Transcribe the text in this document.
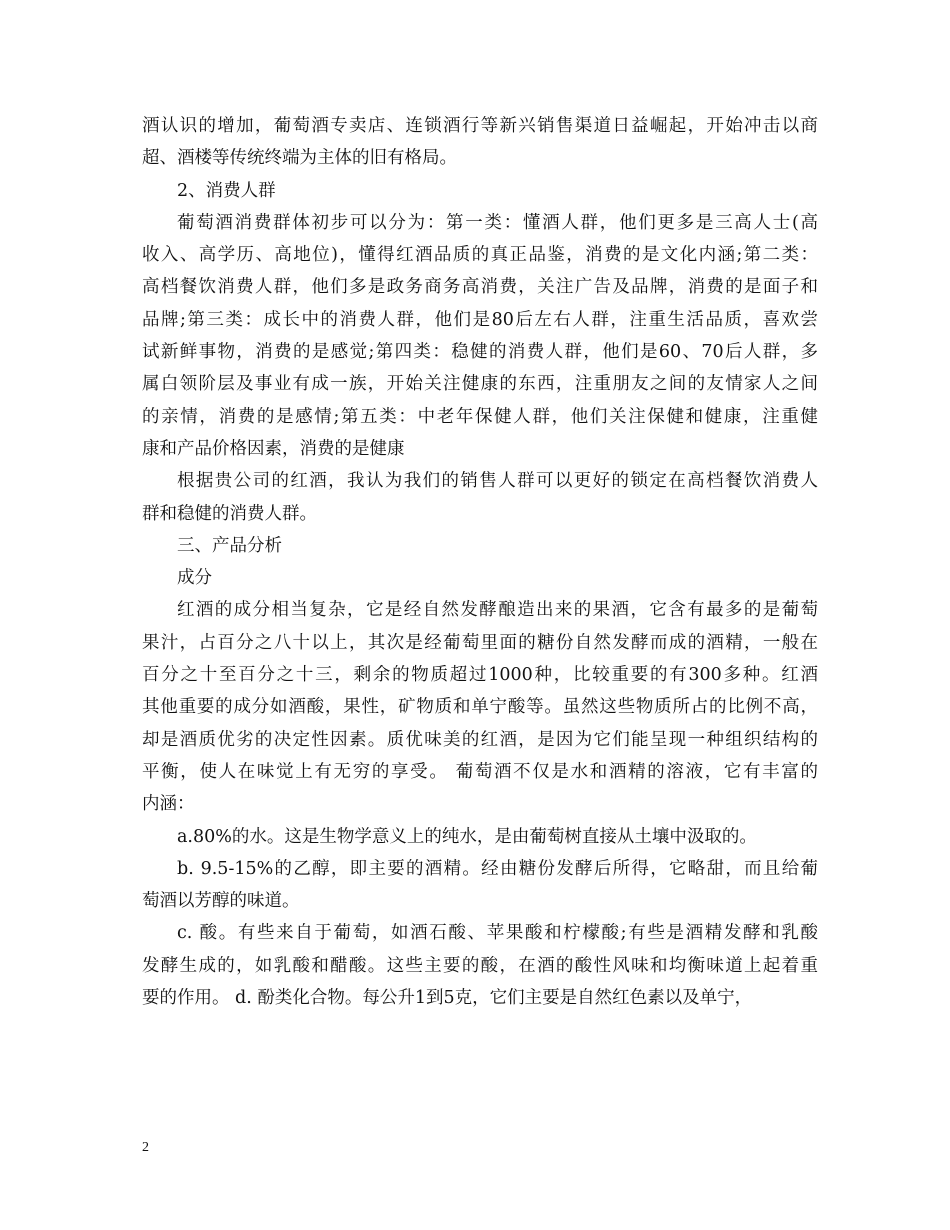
酒认识的增加，葡萄酒专卖店、连锁酒行等新兴销售渠道日益崛起，开始冲击以商
超、酒楼等传统终端为主体的旧有格局。
2、消费人群
葡萄酒消费群体初步可以分为：第一类：懂酒人群，他们更多是三高人士(高
收入、高学历、高地位)，懂得红酒品质的真正品鉴，消费的是文化内涵;第二类：
高档餐饮消费人群，他们多是政务商务高消费，关注广告及品牌，消费的是面子和
品牌;第三类：成长中的消费人群，他们是80后左右人群，注重生活品质，喜欢尝
试新鲜事物，消费的是感觉;第四类：稳健的消费人群，他们是60、70后人群，多
属白领阶层及事业有成一族，开始关注健康的东西，注重朋友之间的友情家人之间
的亲情，消费的是感情;第五类：中老年保健人群，他们关注保健和健康，注重健
康和产品价格因素，消费的是健康
根据贵公司的红酒，我认为我们的销售人群可以更好的锁定在高档餐饮消费人
群和稳健的消费人群。
三、产品分析
成分
红酒的成分相当复杂，它是经自然发酵酿造出来的果酒，它含有最多的是葡萄
果汁，占百分之八十以上，其次是经葡萄里面的糖份自然发酵而成的酒精，一般在
百分之十至百分之十三，剩余的物质超过1000种，比较重要的有300多种。红酒
其他重要的成分如酒酸，果性，矿物质和单宁酸等。虽然这些物质所占的比例不高，
却是酒质优劣的决定性因素。质优味美的红酒，是因为它们能呈现一种组织结构的
平衡，使人在味觉上有无穷的享受。 葡萄酒不仅是水和酒精的溶液，它有丰富的
内涵：
a.80%的水。这是生物学意义上的纯水，是由葡萄树直接从土壤中汲取的。
b. 9.5-15%的乙醇，即主要的酒精。经由糖份发酵后所得，它略甜，而且给葡
萄酒以芳醇的味道。
c. 酸。有些来自于葡萄，如酒石酸、苹果酸和柠檬酸;有些是酒精发酵和乳酸
发酵生成的，如乳酸和醋酸。这些主要的酸，在酒的酸性风味和均衡味道上起着重
要的作用。 d. 酚类化合物。每公升1到5克，它们主要是自然红色素以及单宁，
2
